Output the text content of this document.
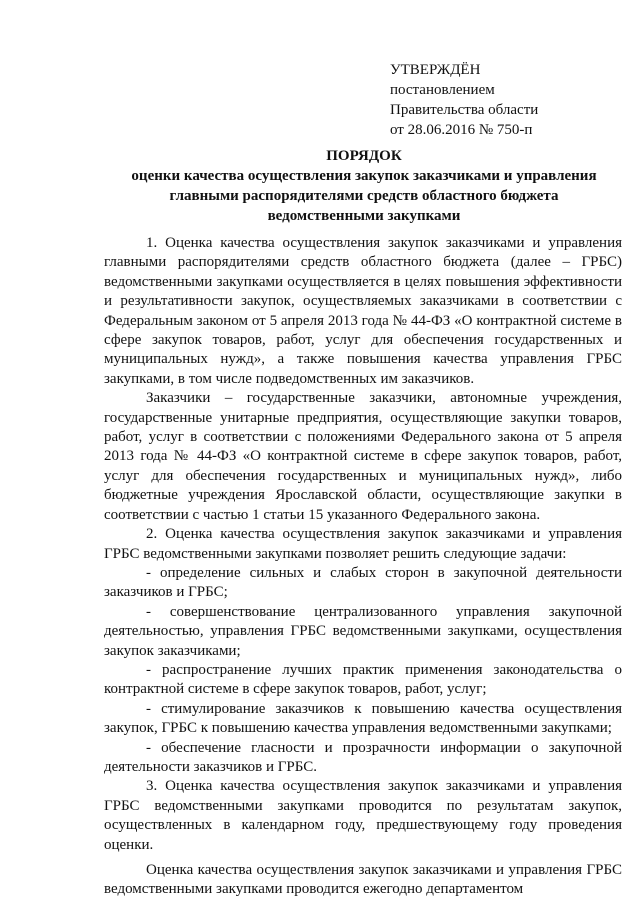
УТВЕРЖДЁН
постановлением
Правительства области
от 28.06.2016 № 750-п
ПОРЯДОК
оценки качества осуществления закупок заказчиками и управления
главными распорядителями средств областного бюджета
ведомственными закупками

1. Оценка качества осуществления закупок заказчиками и управления главными распорядителями средств областного бюджета (далее – ГРБС) ведомственными закупками осуществляется в целях повышения эффективности и результативности закупок, осуществляемых заказчиками в соответствии с Федеральным законом от 5 апреля 2013 года № 44-ФЗ «О контрактной системе в сфере закупок товаров, работ, услуг для обеспечения государственных и муниципальных нужд», а также повышения качества управления ГРБС закупками, в том числе подведомственных им заказчиков.

Заказчики – государственные заказчики, автономные учреждения, государственные унитарные предприятия, осуществляющие закупки товаров, работ, услуг в соответствии с положениями Федерального закона от 5 апреля 2013 года № 44-ФЗ «О контрактной системе в сфере закупок товаров, работ, услуг для обеспечения государственных и муниципальных нужд», либо бюджетные учреждения Ярославской области, осуществляющие закупки в соответствии с частью 1 статьи 15 указанного Федерального закона.

2. Оценка качества осуществления закупок заказчиками и управления ГРБС ведомственными закупками позволяет решить следующие задачи:

- определение сильных и слабых сторон в закупочной деятельности заказчиков и ГРБС;

- совершенствование централизованного управления закупочной деятельностью, управления ГРБС ведомственными закупками, осуществления закупок заказчиками;

- распространение лучших практик применения законодательства о контрактной системе в сфере закупок товаров, работ, услуг;

- стимулирование заказчиков к повышению качества осуществления закупок, ГРБС к повышению качества управления ведомственными закупками;

- обеспечение гласности и прозрачности информации о закупочной деятельности заказчиков и ГРБС.

3. Оценка качества осуществления закупок заказчиками и управления ГРБС ведомственными закупками проводится по результатам закупок, осуществленных в календарном году, предшествующему году проведения оценки.

Оценка качества осуществления закупок заказчиками и управления ГРБС ведомственными закупками проводится ежегодно департаментом
